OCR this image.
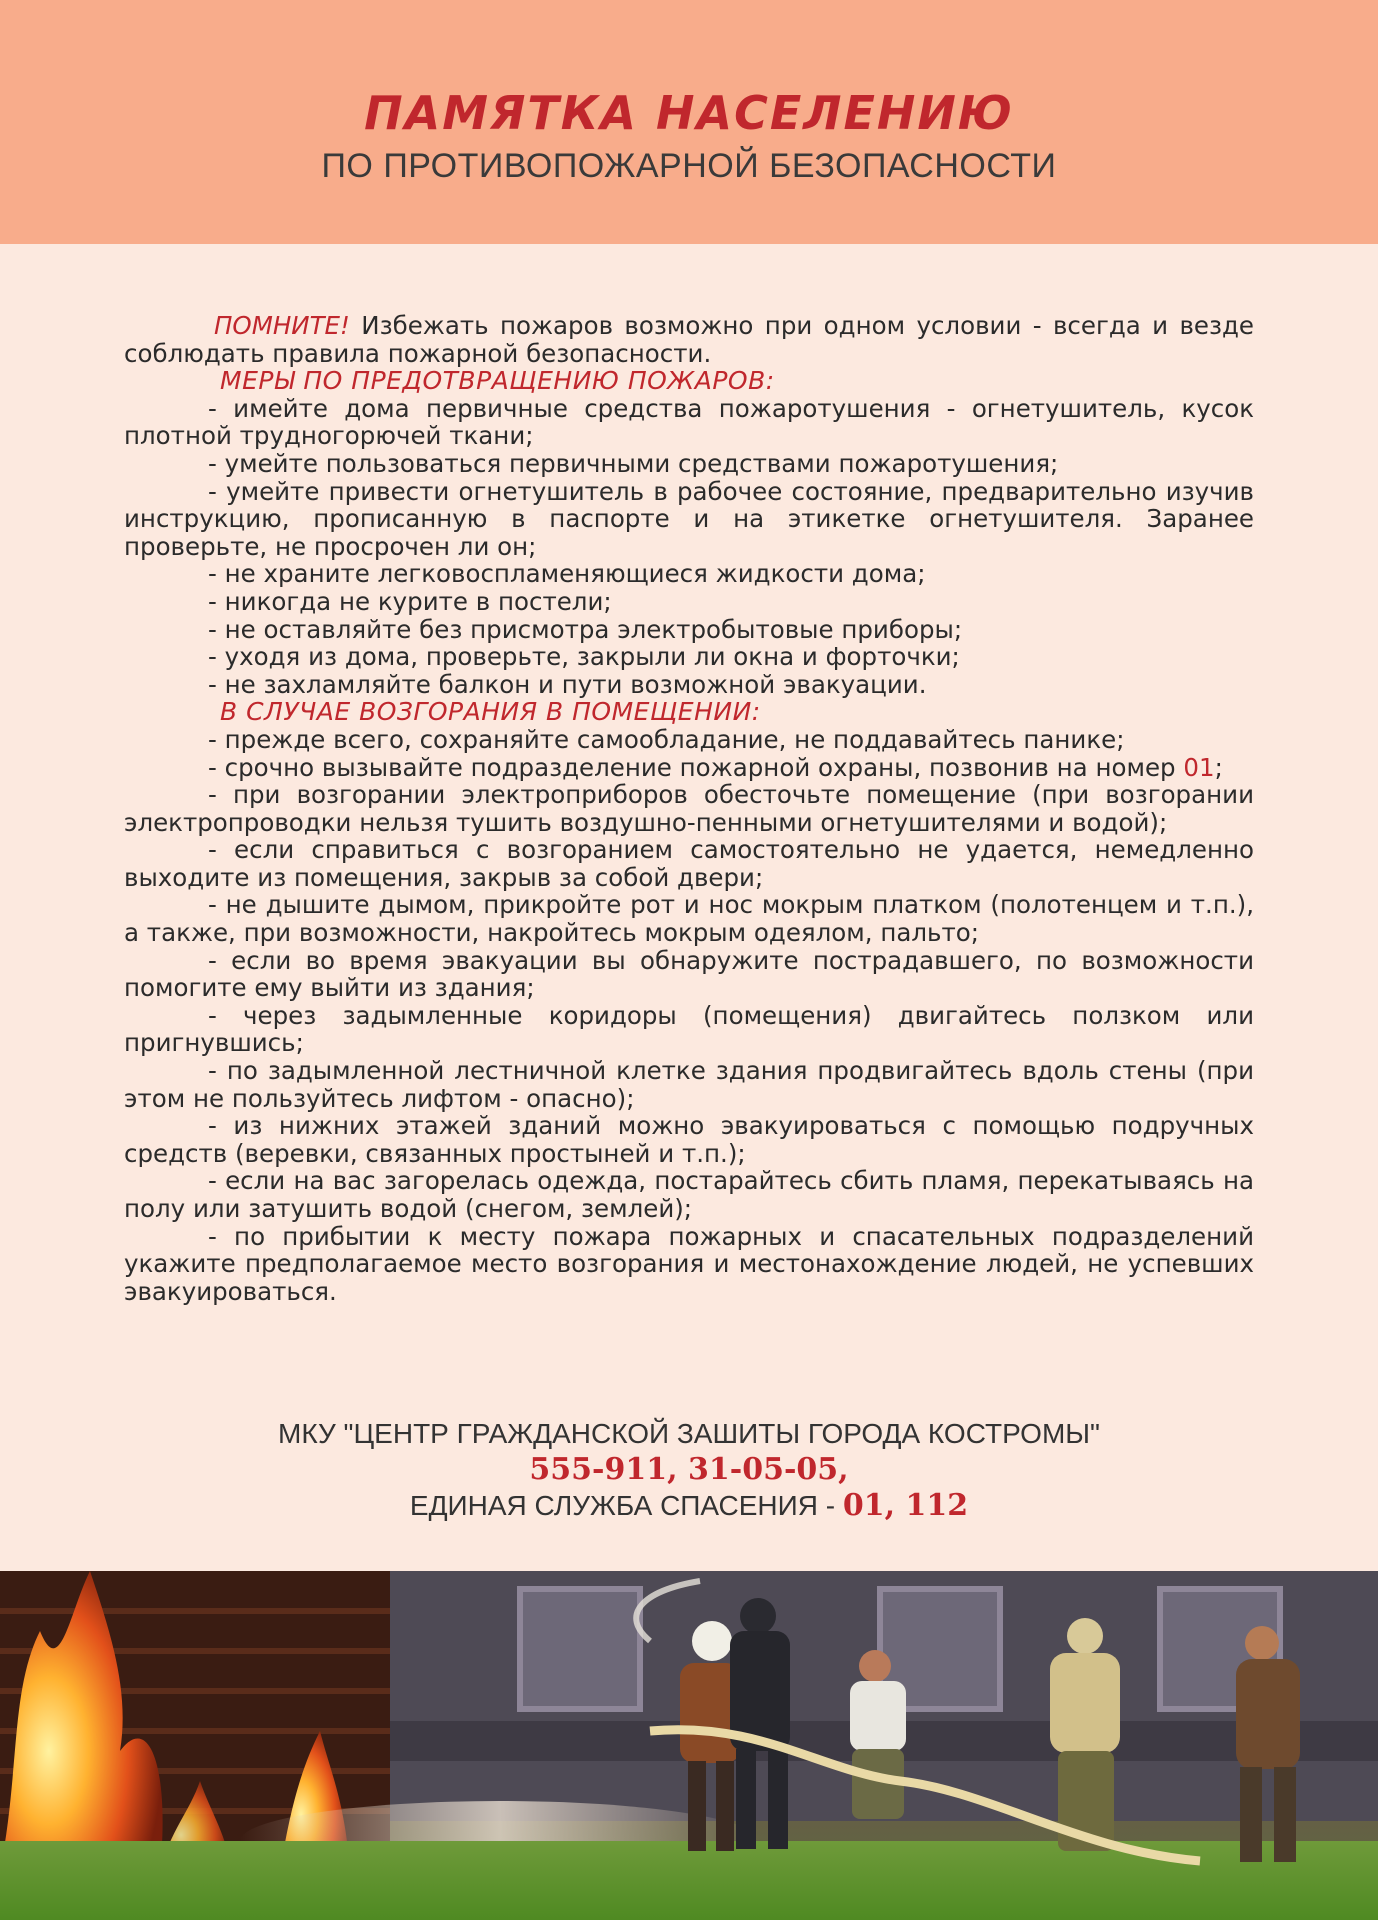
ПАМЯТКА НАСЕЛЕНИЮ
ПО ПРОТИВОПОЖАРНОЙ БЕЗОПАСНОСТИ

ПОМНИТЕ! Избежать пожаров возможно при одном условии - всегда и везде соблюдать правила пожарной безопасности.

МЕРЫ ПО ПРЕДОТВРАЩЕНИЮ ПОЖАРОВ:

- имейте дома первичные средства пожаротушения - огнетушитель, кусок плотной трудногорючей ткани;

- умейте пользоваться первичными средствами пожаротушения;

- умейте привести огнетушитель в рабочее состояние, предварительно изучив инструкцию, прописанную в паспорте и на этикетке огнетушителя. Заранее проверьте, не просрочен ли он;

- не храните легковоспламеняющиеся жидкости дома;

- никогда не курите в постели;

- не оставляйте без присмотра электробытовые приборы;

- уходя из дома, проверьте, закрыли ли окна и форточки;

- не захламляйте балкон и пути возможной эвакуации.

В СЛУЧАЕ ВОЗГОРАНИЯ В ПОМЕЩЕНИИ:

- прежде всего, сохраняйте самообладание, не поддавайтесь панике;

- срочно вызывайте подразделение пожарной охраны, позвонив на номер 01;

- при возгорании электроприборов обесточьте помещение (при возгорании электропроводки нельзя тушить воздушно-пенными огнетушителями и водой);

- если справиться с возгоранием самостоятельно не удается, немедленно выходите из помещения, закрыв за собой двери;

- не дышите дымом, прикройте рот и нос мокрым платком (полотенцем и т.п.), а также, при возможности, накройтесь мокрым одеялом, пальто;

- если во время эвакуации вы обнаружите пострадавшего, по возможности помогите ему выйти из здания;

- через задымленные коридоры (помещения) двигайтесь ползком или пригнувшись;

- по задымленной лестничной клетке здания продвигайтесь вдоль стены (при этом не пользуйтесь лифтом - опасно);

- из нижних этажей зданий можно эвакуироваться с помощью подручных средств (веревки, связанных простыней и т.п.);

- если на вас загорелась одежда, постарайтесь сбить пламя, перекатываясь на полу или затушить водой (снегом, землей);

- по прибытии к месту пожара пожарных и спасательных подразделений укажите предполагаемое место возгорания и местонахождение людей, не успевших эвакуироваться.

МКУ "ЦЕНТР ГРАЖДАНСКОЙ ЗАШИТЫ ГОРОДА КОСТРОМЫ"
555-911, 31-05-05,
ЕДИНАЯ СЛУЖБА СПАСЕНИЯ - 01, 112
